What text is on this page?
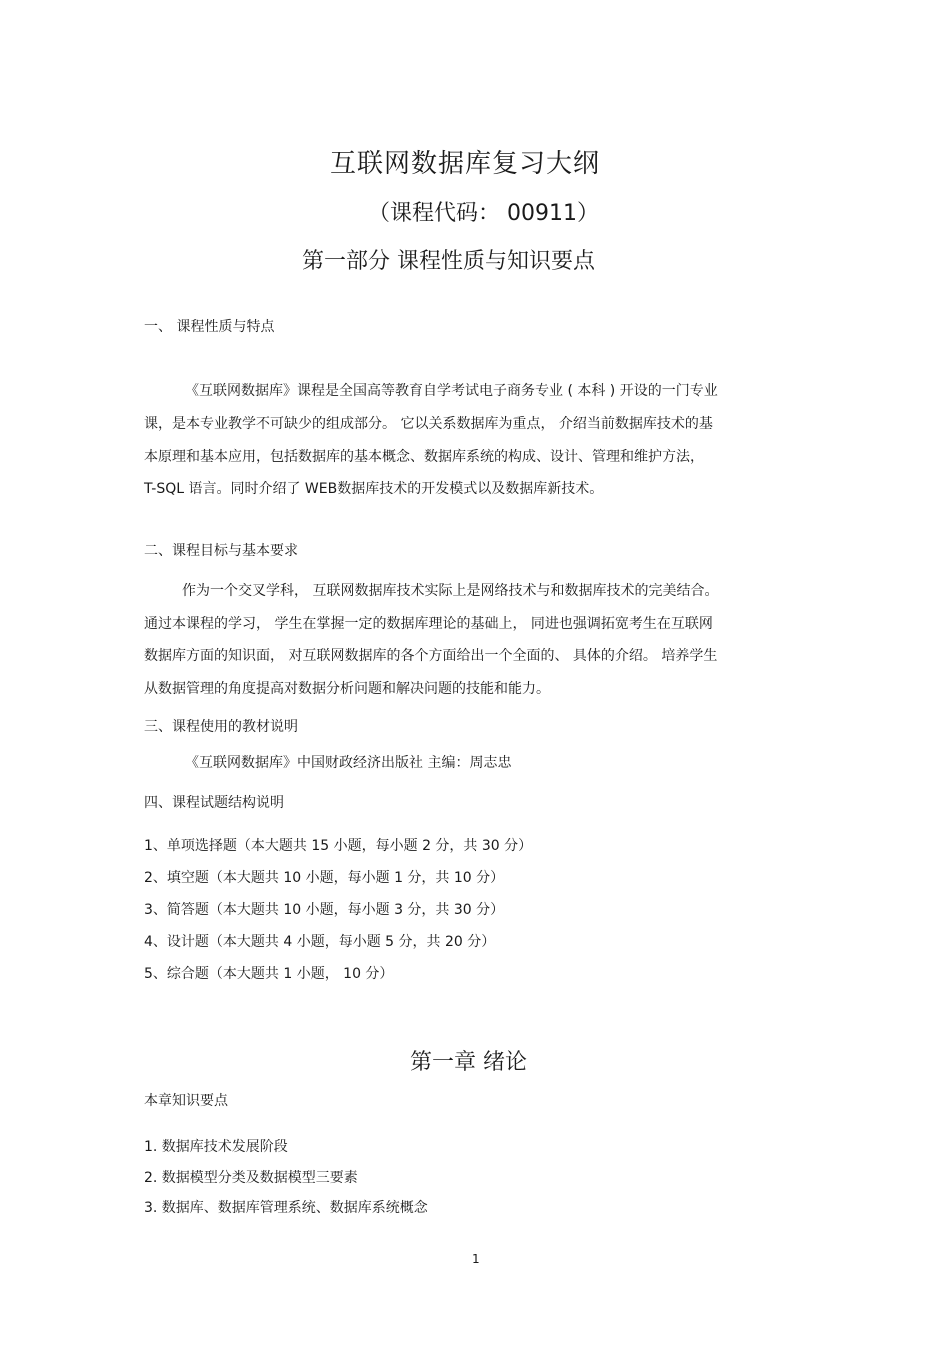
互联网数据库复习大纲
（课程代码： 00911）
第一部分 课程性质与知识要点
一、 课程性质与特点
《互联网数据库》课程是全国高等教育自学考试电子商务专业 ( 本科 ) 开设的一门专业
课，是本专业教学不可缺少的组成部分。 它以关系数据库为重点， 介绍当前数据库技术的基
本原理和基本应用，包括数据库的基本概念、数据库系统的构成、设计、管理和维护方法，
T-SQL 语言。同时介绍了 WEB数据库技术的开发模式以及数据库新技术。
二、课程目标与基本要求
作为一个交叉学科， 互联网数据库技术实际上是网络技术与和数据库技术的完美结合。
通过本课程的学习， 学生在掌握一定的数据库理论的基础上， 同进也强调拓宽考生在互联网
数据库方面的知识面， 对互联网数据库的各个方面给出一个全面的、 具体的介绍。 培养学生
从数据管理的角度提高对数据分析问题和解决问题的技能和能力。
三、课程使用的教材说明
《互联网数据库》中国财政经济出版社 主编：周志忠
四、课程试题结构说明
1、单项选择题（本大题共 15 小题，每小题 2 分，共 30 分）
2、填空题（本大题共 10 小题，每小题 1 分，共 10 分）
3、简答题（本大题共 10 小题，每小题 3 分，共 30 分）
4、设计题（本大题共 4 小题，每小题 5 分，共 20 分）
5、综合题（本大题共 1 小题， 10 分）
第一章 绪论
本章知识要点
1. 数据库技术发展阶段
2. 数据模型分类及数据模型三要素
3. 数据库、数据库管理系统、数据库系统概念
1
